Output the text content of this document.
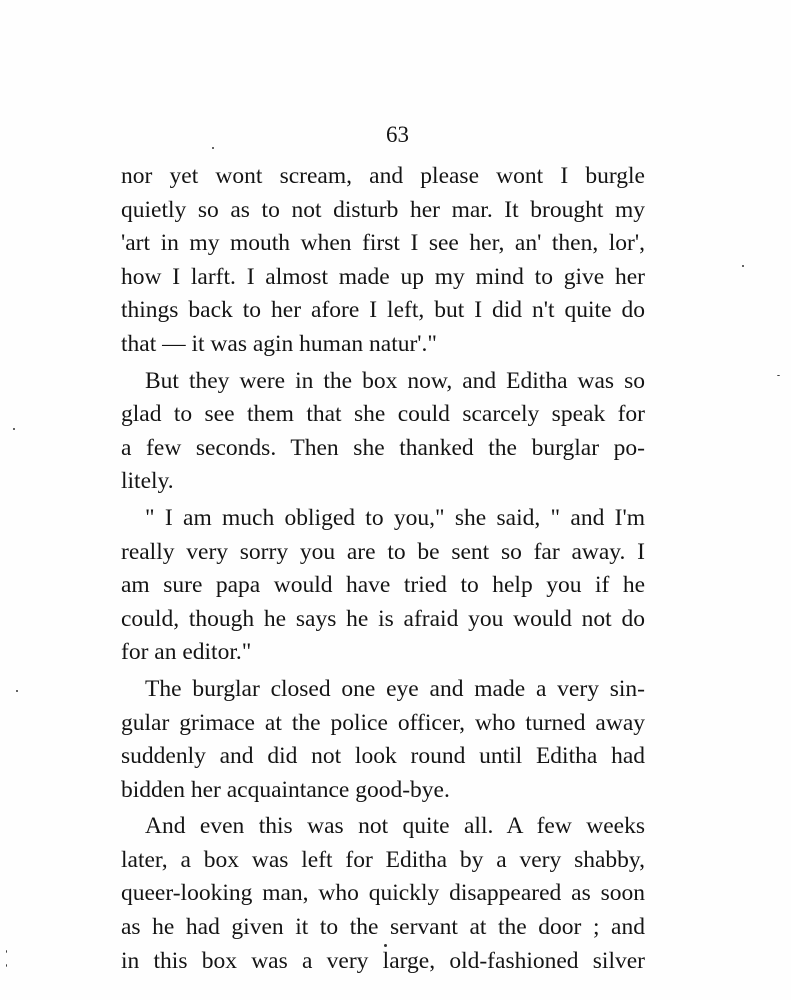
63
nor yet wont scream, and please wont I burgle
quietly so as to not disturb her mar. It brought my
'art in my mouth when first I see her, an' then, lor',
how I larft. I almost made up my mind to give her
things back to her afore I left, but I did n't quite do
that — it was agin human natur'."
But they were in the box now, and Editha was so
glad to see them that she could scarcely speak for
a few seconds. Then she thanked the burglar po-
litely.
" I am much obliged to you," she said, " and I'm
really very sorry you are to be sent so far away. I
am sure papa would have tried to help you if he
could, though he says he is afraid you would not do
for an editor."
The burglar closed one eye and made a very sin-
gular grimace at the police officer, who turned away
suddenly and did not look round until Editha had
bidden her acquaintance good-bye.
And even this was not quite all. A few weeks
later, a box was left for Editha by a very shabby,
queer-looking man, who quickly disappeared as soon
as he had given it to the servant at the door ; and
in this box was a very large, old-fashioned silver
